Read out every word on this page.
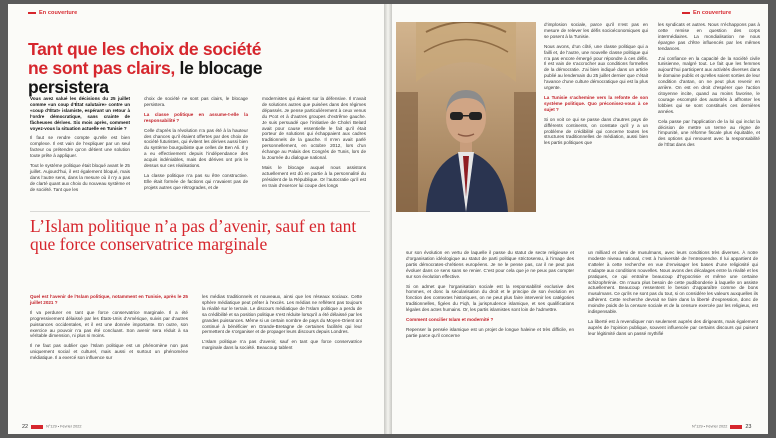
En couverture
Tant que les choix de société ne sont pas clairs, le blocage persistera

Vous avez salué les décisions du 25 juillet comme «un coup d’État salutaire» contre un «coup d’État» islamiste, espérant un retour à l’ordre démocratique, sans crainte de fâcheuses dérives. Six mois après, comment voyez-vous la situation actuelle en Tunisie ?

Il faut se rendre compte qu’elle est bien complexe. Il est vain de l’expliquer par un seul facteur ou prétendre qu’on détient une solution toute prête à appliquer.

Tout le système politique était bloqué avant le 25 juillet. Aujourd’hui, il est également bloqué, mais dans l’autre sens, dans la mesure où il n’y a pas de clarté quant aux choix du nouveau système et de société. Tant que les

choix de société ne sont pas clairs, le blocage persistera.

La classe politique en assume-t-elle la responsabilité ?

Celle d’après la révolution n’a pas été à la hauteur des chances qu’il étaient offertes par des choix de société futuristes, qui évitent les dérives aussi bien du système bourguibiste que celles de Ben Ali. Il y a eu effectivement depuis l’indépendance des acquis indéniables, mais des dérives ont pris le dessus sur ces réalisations.

La classe politique n’a pas su être constructive. Elle était formée de factions qui n’avaient pas de projets autres que rétrogrades, et de

modernistes qui étaient sur la défensive. Il n’avait de solutions autres que puisées dans des régimes dépassés. Je pense particulièrement à ceux venus du Pcot et à d’autres groupes d’extrême gauche. Je suis persuadé que l’initiative de Chokri Belaïd avait pour cause essentielle le fait qu’il était porteur de solutions qui échappaient aux cadres traditionnels de la gauche. Il m’en avait parlé personnellement, en octobre 2012, lors d’un échange au Palais des Congrès de Tunis, lors de la Journée du dialogue national.

Mais le blocage auquel nous assistons actuellement est dû en partie à la personnalité du président de la République. Or l’autocratie qu’il est en train d’exercer lui coupe des longs

L’Islam politique n’a pas d’avenir, sauf en tant que force conservatrice marginale

Quel est l’avenir de l’Islam politique, notamment en Tunisie, après le 25 juillet 2021 ?

Il va perdurer en tant que force conservatrice marginale. Il a été progressivement délaissé par les États-Unis d’Amérique, suivis par d’autres puissances occidentales, et il est une donnée importante. En outre, son exercice au pouvoir n’a pas été concluant. Son avenir sera réduit à sa véritable dimension, ni plus ni moins.

Il ne faut pas oublier que l’Islam politique est un phénomène non pas uniquement social et culturel, mais aussi et surtout un phénomène médiatique. Il a exercé son influence sur

les médias traditionnels et nouveaux, ainsi que les réseaux sociaux. Cette sphère médiatique peut prêter à l’excès. Les médias ne reflètent pas toujours la réalité sur le terrain. Le discours médiatique de l’Islam politique a perdu de sa crédibilité et sa position politique s’est réduite lorsqu’il a été délaissé par les grandes puissances. Même si un certain nombre de pays du Moyen-Orient ont continué à bénéficier en Grande-Bretagne de certaines facilités qui leur permettent de s’organiser et de propager leurs discours depuis Londres.

L’Islam politique n’a pas d’avenir, sauf en tant que force conservatrice marginale dans la société. Beaucoup tablent

22	N°129 • Février 2022
En couverture

d’implosion sociale, parce qu’il n’est pas en mesure de relever les défis socioéconomiques qui se posent à la Tunisie.

Nous avons, d’un côté, une classe politique qui a failli et, de l’autre, une nouvelle classe politique qui n’a pas encore émergé pour répondre à ces défis. Il est vain de s’accrocher aux conditions formelles de la démocratie. J’ai bien indiqué dans un article publié au lendemain du 25 juillet dernier que c’était l’avance d’une culture démocratique qui est la plus urgente.

La Tunisie s’achemine vers la refonte de son système politique. Quo préconisez-vous à ce sujet ?

Si on voit ce qui se passe dans d’autres pays de différents continents, on constate qu’il y a un problème de crédibilité qui concerne toutes les structures traditionnelles de médiation, aussi bien les partis politiques que

les syndicats et autres. Nous n’échappons pas à cette remise en question des corps intermédiaires. La mondialisation ne nous épargne pas d’être influencés par les mêmes tendances.

J’ai confiance en la capacité de la société civile tunisienne, malgré tout. Le fait que les femmes aujourd’hui participent aux activités diverses dans le domaine public et qu’elles soient sorties de leur condition d’antan, on ne peut plus revenir en arrière. On est en droit d’espérer que l’action citoyenne incite, quand au moins favorise, le courage escompté des autorités à affronter les lobbies qui se sont constitués ces dernières années.

Cela passe par l’application de la loi qui inclut la décision de mettre un terme au règne de l’impunité, une réforme fiscale plus équitable, et des options qui renouent avec la responsabilité de l’État dans des

sur son évolution en vertu de laquelle il passe du statut de secte religieuse et d’organisation idéologique au statut de parti politique strictosensu, à l’image des partis démocrates-chrétiens européens. Je ne le pense pas, car il ne peut pas évoluer dans ce sens sans se renier. C’est pour cela que je ne peux pas compter sur son évolution effective.

Si on admet que l’organisation sociale est la responsabilité exclusive des hommes, et donc la sécularisation du droit et le principe de son évolution en fonction des contextes historiques, on ne peut plus faire intervenir les catégories traditionnelles, figées du Fiqh, la jurisprudence islamique, et ses qualifications légales des actes humains. Or, les partis islamistes sont loin de l’admettre.

Comment concilier Islam et modernité ?

Repenser la pensée islamique est un projet de longue haleine et très difficile, en partie parce qu’il concerne

un milliard et demi de musulmans, avec leurs conditions très diverses. À notre modeste niveau national, c’est à l’université de l’entreprendre. Il lui appartient de s’atteler à cette recherche en vue d’envisager les bases d’une religiosité qui s’adapte aux conditions nouvelles. Nous avons des décalages entre la réalité et les pratiques, ce qui entraîne beaucoup d’hypocrisie et même une certaine schizophrénie. On n’aura plus besoin de cette pudibonderie à laquelle on assiste actuellement. Beaucoup ressentent le besoin d’apparaître comme de bons musulmans. Ce qu’ils ne sont pas du tout, si on considère les valeurs auxquelles ils adhèrent. Cette recherche devrait se faire dans la liberté d’expression, donc de moindre poids de la censure sociale et de la censure exercée par les religieux, est indispensable.

La liberté est à revendiquer non seulement auprès des dirigeants, mais également auprès de l’opinion publique, souvent influencée par certains discours qui puisent leur légitimité dans un passé mythifié

N°129 • Février 2022	23
